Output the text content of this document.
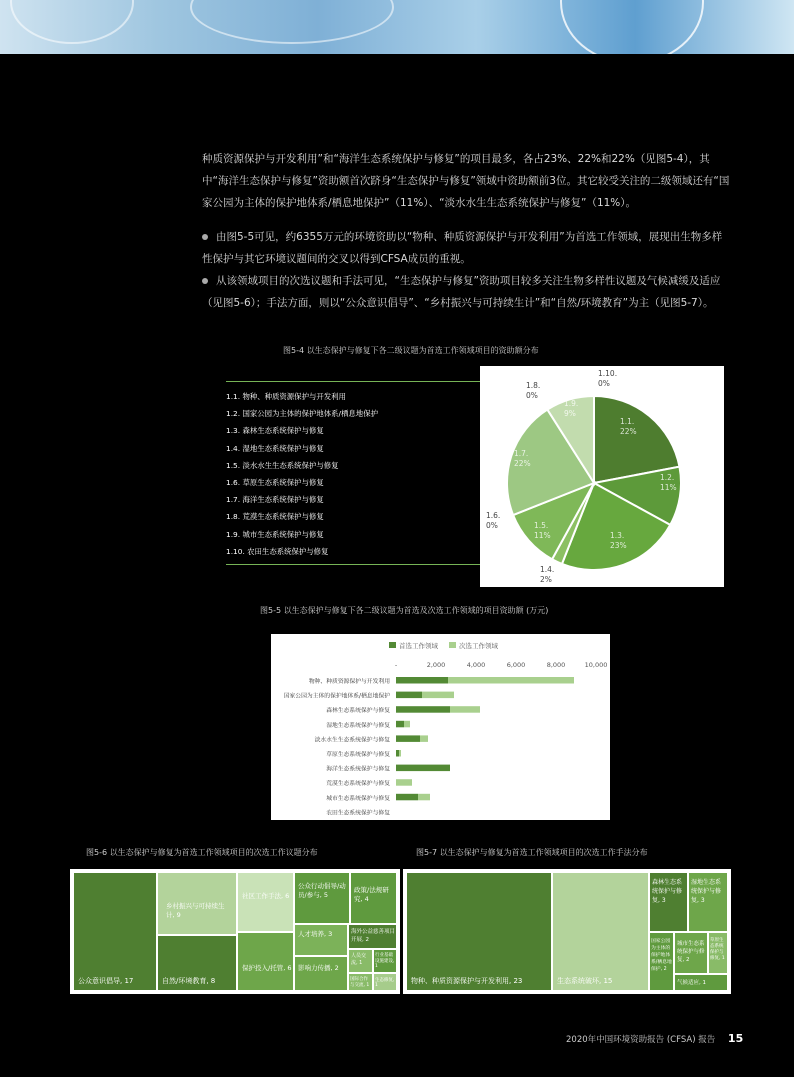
种质资源保护与开发利用”和“海洋生态系统保护与修复”的项目最多，各占23%、22%和22%（见图5-4），其中“海洋生态保护与修复”资助额首次跻身“生态保护与修复”领域中资助额前3位。其它较受关注的二级领域还有“国家公园为主体的保护地体系/栖息地保护”（11%）、“淡水水生生态系统保护与修复”（11%）。
由图5-5可见，约6355万元的环境资助以“物种、种质资源保护与开发利用”为首选工作领域，展现出生物多样性保护与其它环境议题间的交叉以得到CFSA成员的重视。
从该领域项目的次选议题和手法可见，“生态保护与修复”资助项目较多关注生物多样性议题及气候减缓及适应（见图5-6）；手法方面，则以“公众意识倡导”、“乡村振兴与可持续生计”和“自然/环境教育”为主（见图5-7）。
图5-4 以生态保护与修复下各二级议题为首选工作领域项目的资助额分布
1.1. 物种、种质资源保护与开发利用
1.2. 国家公园为主体的保护地体系/栖息地保护
1.3. 森林生态系统保护与修复
1.4. 湿地生态系统保护与修复
1.5. 淡水水生生态系统保护与修复
1.6. 草原生态系统保护与修复
1.7. 海洋生态系统保护与修复
1.8. 荒漠生态系统保护与修复
1.9. 城市生态系统保护与修复
1.10. 农田生态系统保护与修复
1.1. 22%
1.2. 11%
1.3. 23%
1.4. 2%
1.5. 11%
1.6. 0%
1.7. 22%
1.8. 0%
1.9. 9%
1.10. 0%
图5-5 以生态保护与修复下各二级议题为首选及次选工作领域的项目资助额 (万元)
首选工作领域	次选工作领域
-	2,000	4,000	6,000	8,000	10,000
物种、种质资源保护与开发利用
国家公园为主体的保护地体系/栖息地保护
森林生态系统保护与修复
湿地生态系统保护与修复
淡水水生生态系统保护与修复
草原生态系统保护与修复
海洋生态系统保护与修复
荒漠生态系统保护与修复
城市生态系统保护与修复
农田生态系统保护与修复
图5-6 以生态保护与修复为首选工作领域项目的次选工作议题分布	图5-7 以生态保护与修复为首选工作领域项目的次选工作手法分布
公众意识倡导, 17
乡村振兴与可持续生计, 9
自然/环境教育, 8
社区工作手法, 6
保护投入/托管, 6
公众行动倡导/动员/参与, 5
政策/法规研究, 4
人才培养, 3
影响力传播, 2
海外公益慈善项目开展, 2
人员交流, 1
行业基础设施建设, 1
国际合作与交流, 1
生态修复, 1
物种、种质资源保护与开发利用, 23	生态系统破坏, 15
森林生态系统保护与修复, 3
湿地生态系统保护与修复, 3
国家公园为主体的保护地体系/栖息地保护, 2
城市生态系统保护与修复, 2
草原生态系统保护与修复, 1
气候适应, 1
2020年中国环境资助报告 (CFSA) 报告 15
